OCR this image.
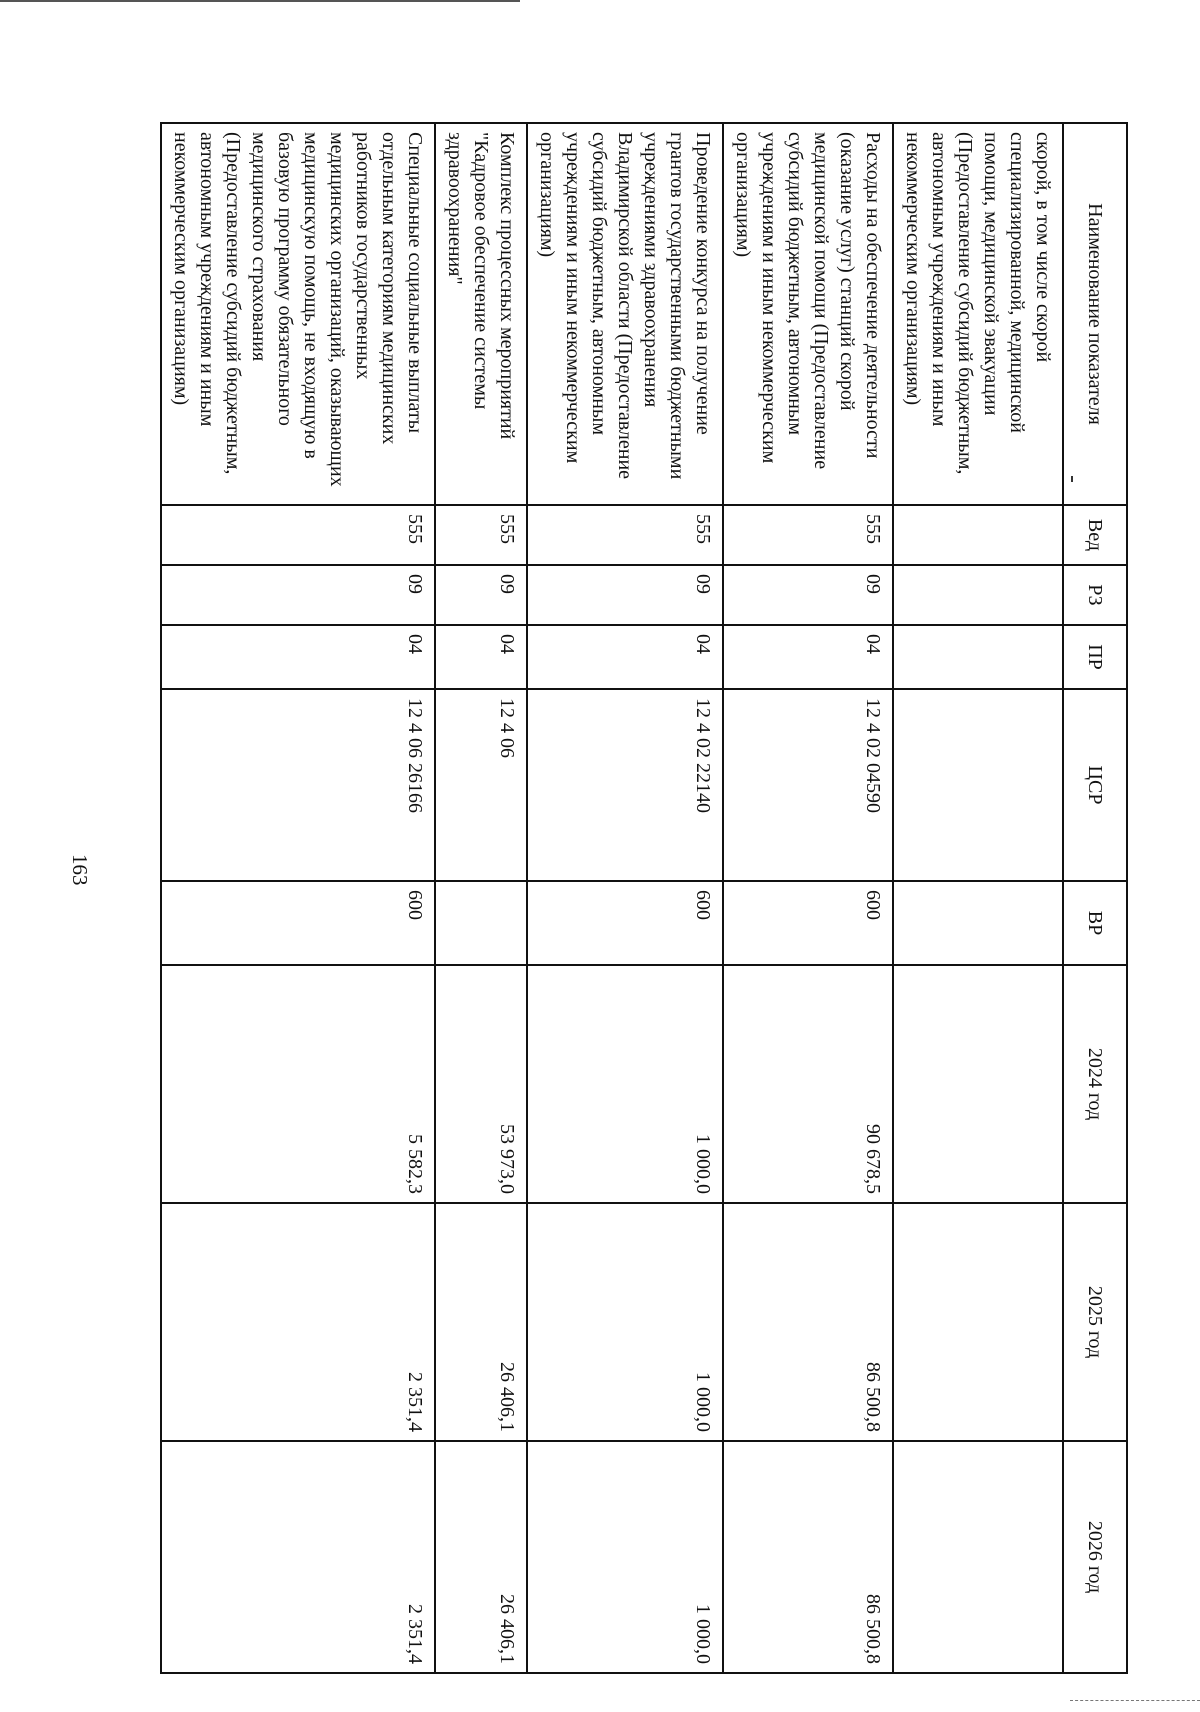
163
Наименование показателя	Вед	РЗ	ПР	ЦСР	ВР	2024 год	2025 год	2026 год
скорой, в том числе скорой специализированной, медицинской помощи, медицинской эвакуации (Предоставление субсидий бюджетным, автономным учреждениям и иным некоммерческим организациям)								
Расходы на обеспечение деятельности (оказание услуг) станций скорой медицинской помощи (Предоставление субсидий бюджетным, автономным учреждениям и иным некоммерческим организациям)	555	09	04	12 4 02 04590	600	90 678,5	86 500,8	86 500,8
Проведение конкурса на получение грантов государственными бюджетными учреждениями здравоохранения Владимирской области (Предоставление субсидий бюджетным, автономным учреждениям и иным некоммерческим организациям)	555	09	04	12 4 02 22140	600	1 000,0	1 000,0	1 000,0
Комплекс процессных мероприятий "Кадровое обеспечение системы здравоохранения"	555	09	04	12 4 06		53 973,0	26 406,1	26 406,1
Специальные социальные выплаты отдельным категориям медицинских работников государственных медицинских организаций, оказывающих медицинскую помощь, не входящую в базовую программу обязательного медицинского страхования (Предоставление субсидий бюджетным, автономным учреждениям и иным некоммерческим организациям)	555	09	04	12 4 06 26166	600	5 582,3	2 351,4	2 351,4
